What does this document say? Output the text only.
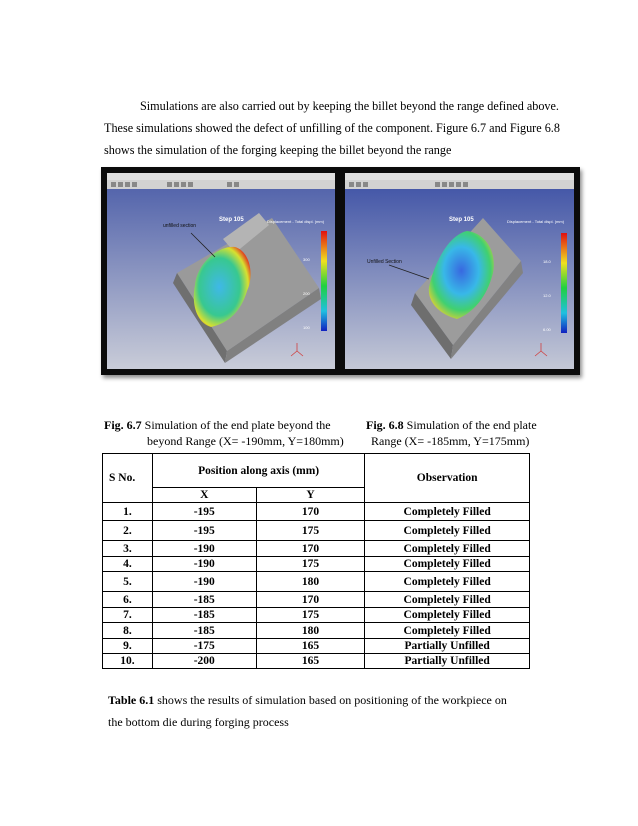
Simulations are also carried out by keeping the billet beyond the range defined above.
These simulations showed the defect of unfilling of the component. Figure 6.7 and Figure 6.8
shows the simulation of the forging keeping the billet beyond the range

unfilled section
Step 105	Displacement - Total displ. (mm)
300
200
100
Unfilled Section
Step 105	Displacement - Total displ. (mm)
18.0
12.0
6.00

Fig. 6.7 Simulation of the end plate beyond the
beyond Range (X= -190mm, Y=180mm)

Fig. 6.8 Simulation of the end plate
Range (X= -185mm, Y=175mm)

S No.	Position along axis (mm)		Observation
	X	Y	
1.	-195	170	Completely Filled
2.	-195	175	Completely Filled
3.	-190	170	Completely Filled
4.	-190	175	Completely Filled
5.	-190	180	Completely Filled
6.	-185	170	Completely Filled
7.	-185	175	Completely Filled
8.	-185	180	Completely Filled
9.	-175	165	Partially Unfilled
10.	-200	165	Partially Unfilled

Table 6.1 shows the results of simulation based on positioning of the workpiece on
the bottom die during forging process
